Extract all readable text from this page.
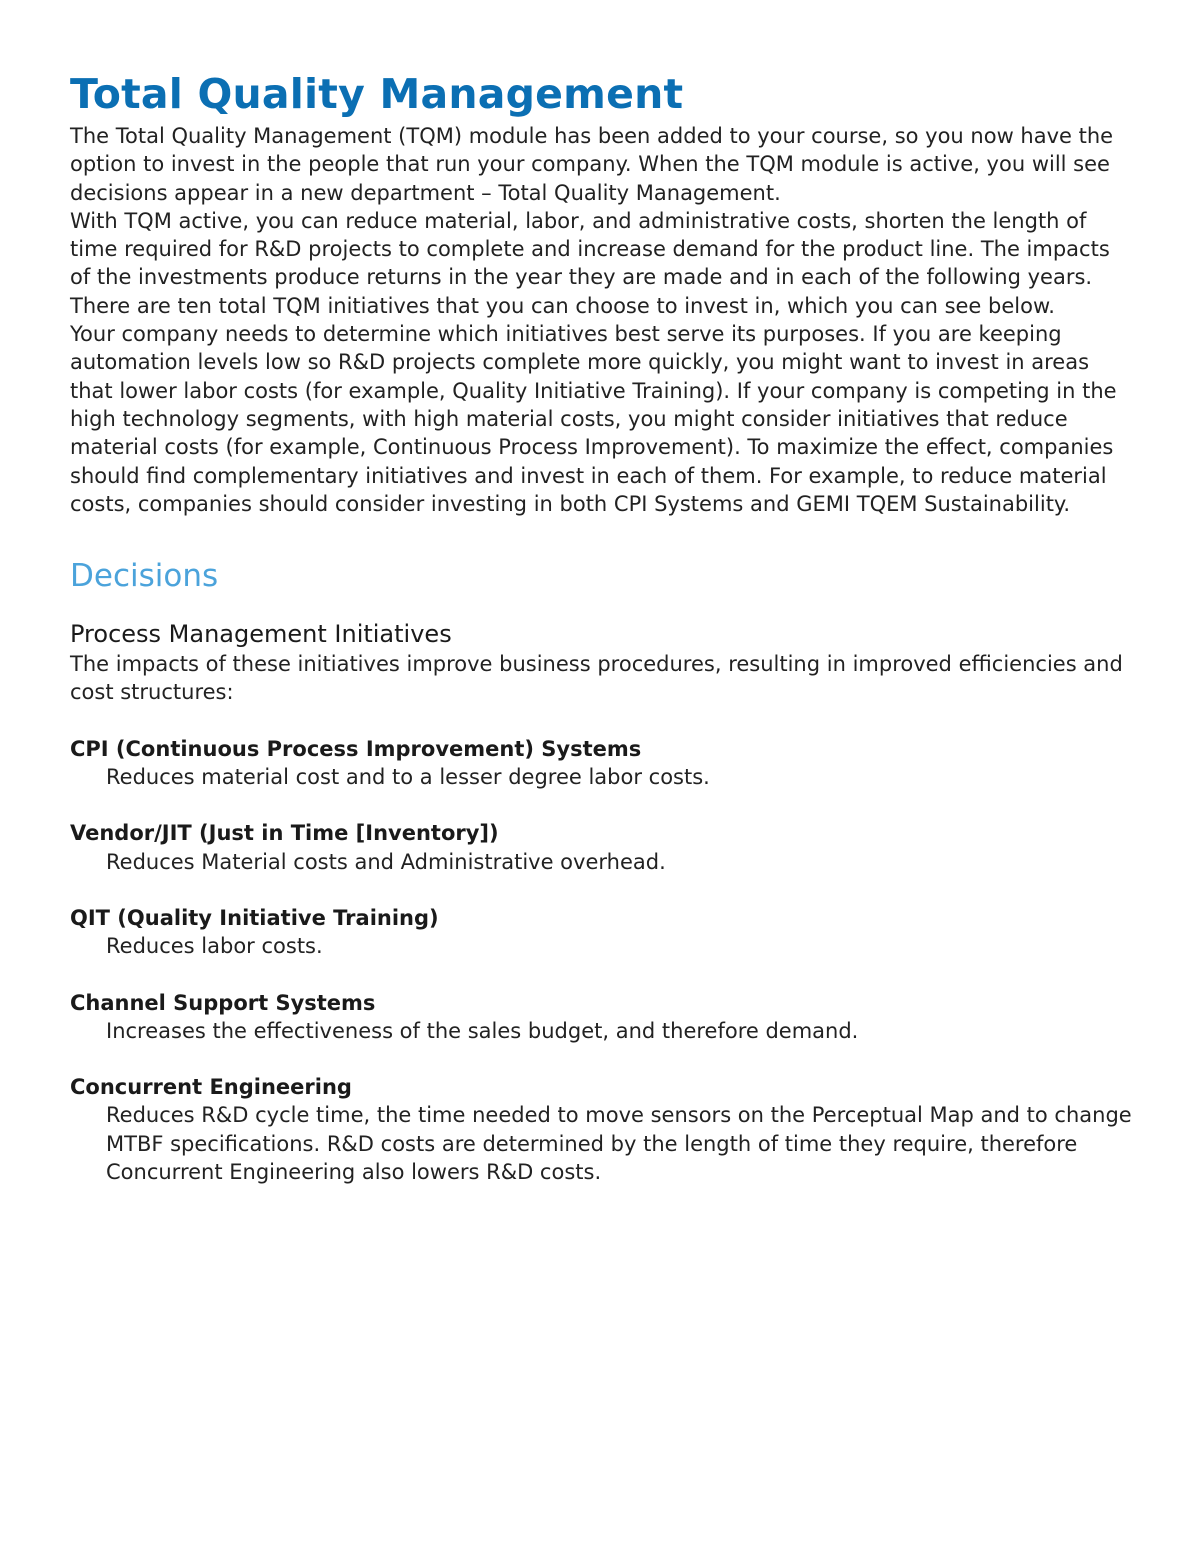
Total Quality Management

The Total Quality Management (TQM) module has been added to your course, so you now have the option to invest in the people that run your company. When the TQM module is active, you will see decisions appear in a new department – Total Quality Management.

With TQM active, you can reduce material, labor, and administrative costs, shorten the length of time required for R&D projects to complete and increase demand for the product line. The impacts of the investments produce returns in the year they are made and in each of the following years. There are ten total TQM initiatives that you can choose to invest in, which you can see below.

Your company needs to determine which initiatives best serve its purposes. If you are keeping automation levels low so R&D projects complete more quickly, you might want to invest in areas that lower labor costs (for example, Quality Initiative Training). If your company is competing in the high technology segments, with high material costs, you might consider initiatives that reduce material costs (for example, Continuous Process Improvement). To maximize the effect, companies should find complementary initiatives and invest in each of them. For example, to reduce material costs, companies should consider investing in both CPI Systems and GEMI TQEM Sustainability.

Decisions
Process Management Initiatives

The impacts of these initiatives improve business procedures, resulting in improved efficiencies and cost structures:

CPI (Continuous Process Improvement) Systems
Reduces material cost and to a lesser degree labor costs.
Vendor/JIT (Just in Time [Inventory])
Reduces Material costs and Administrative overhead.
QIT (Quality Initiative Training)
Reduces labor costs.
Channel Support Systems
Increases the effectiveness of the sales budget, and therefore demand.
Concurrent Engineering
Reduces R&D cycle time, the time needed to move sensors on the Perceptual Map and to change MTBF specifications. R&D costs are determined by the length of time they require, therefore Concurrent Engineering also lowers R&D costs.
